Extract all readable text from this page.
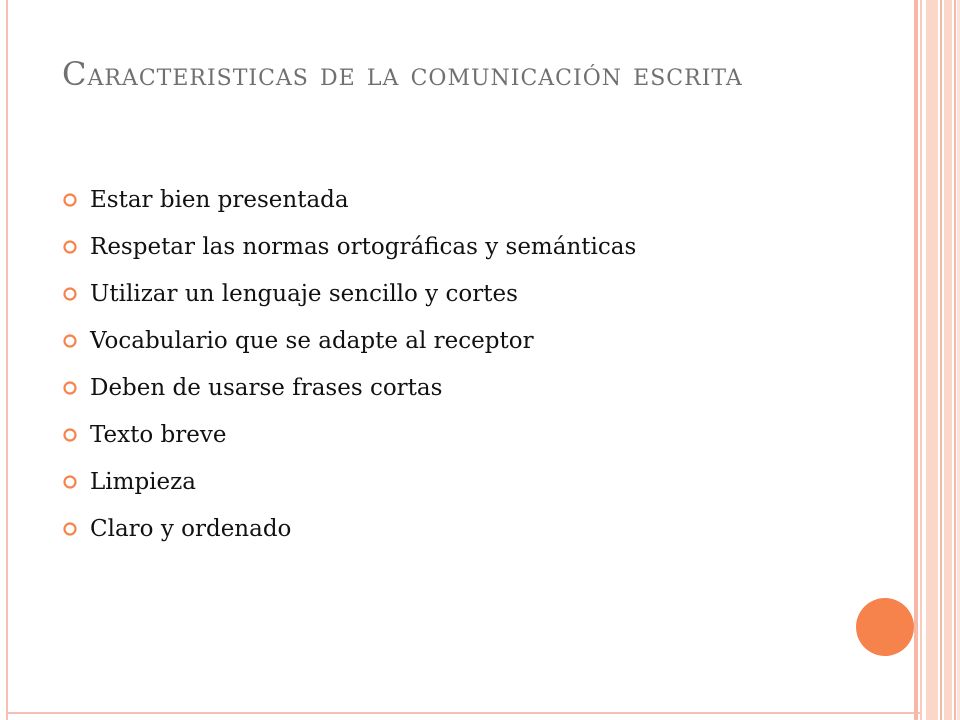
Caracteristicas de la comunicación escrita
Estar bien presentada
Respetar las normas ortográficas y semánticas
Utilizar un lenguaje sencillo y cortes
Vocabulario que se adapte al receptor
Deben de usarse frases cortas
Texto breve
Limpieza
Claro y ordenado
